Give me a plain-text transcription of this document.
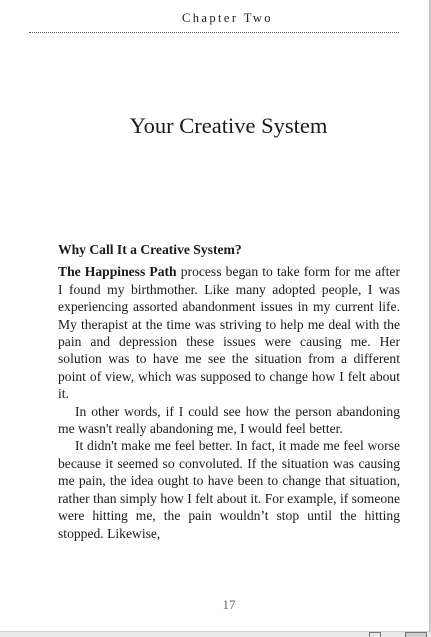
Chapter Two
Your Creative System
Why Call It a Creative System?

The Happiness Path process began to take form for me after I found my birthmother. Like many adopted people, I was experiencing assorted abandonment issues in my current life. My therapist at the time was striving to help me deal with the pain and depression these issues were causing me. Her solution was to have me see the situation from a different point of view, which was supposed to change how I felt about it.

In other words, if I could see how the person abandoning me wasn't really abandoning me, I would feel better.

It didn't make me feel better. In fact, it made me feel worse because it seemed so convoluted. If the situation was causing me pain, the idea ought to have been to change that situation, rather than simply how I felt about it. For example, if someone were hitting me, the pain wouldn’t stop until the hitting stopped. Likewise,

17
